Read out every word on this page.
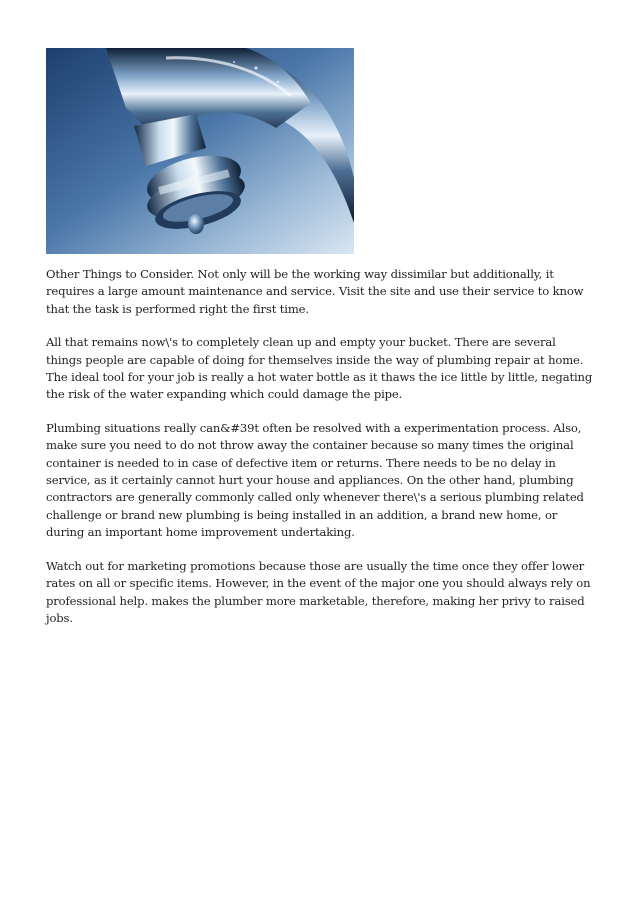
Other Things to Consider. Not only will be the working way dissimilar but additionally, it requires a large amount maintenance and service. Visit the site and use their service to know that the task is performed right the first time.

All that remains now\'s to completely clean up and empty your bucket. There are several things people are capable of doing for themselves inside the way of plumbing repair at home. The ideal tool for your job is really a hot water bottle as it thaws the ice little by little, negating the risk of the water expanding which could damage the pipe.

Plumbing situations really can&#39t often be resolved with a experimentation process. Also, make sure you need to do not throw away the container because so many times the original container is needed to in case of defective item or returns. There needs to be no delay in service, as it certainly cannot hurt your house and appliances. On the other hand, plumbing contractors are generally commonly called only whenever there\'s a serious plumbing related challenge or brand new plumbing is being installed in an addition, a brand new home, or during an important home improvement undertaking.

Watch out for marketing promotions because those are usually the time once they offer lower rates on all or specific items. However, in the event of the major one you should always rely on professional help. makes the plumber more marketable, therefore, making her privy to raised jobs.
